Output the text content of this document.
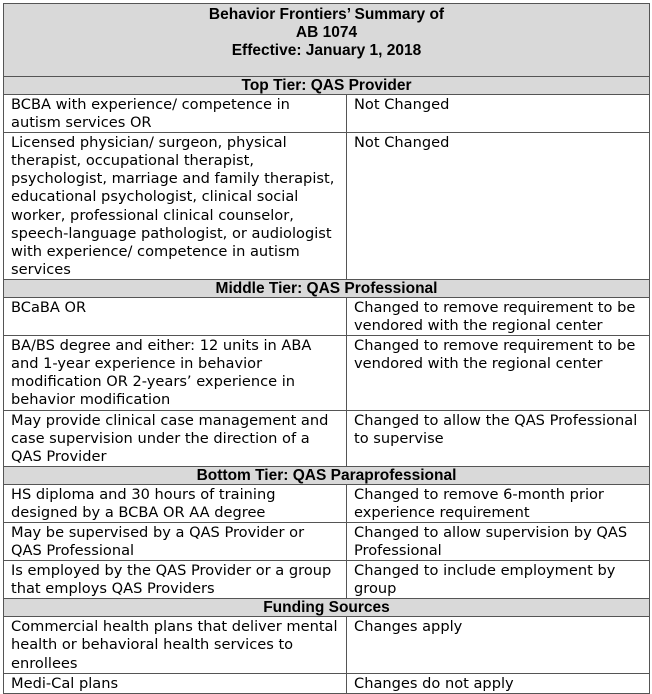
Behavior Frontiers’ Summary of
AB 1074
Effective: January 1, 2018	

Top Tier: QAS Provider	
BCBA with experience/ competence in autism services OR	Not Changed
Licensed physician/ surgeon, physical therapist, occupational therapist, psychologist, marriage and family therapist, educational psychologist, clinical social worker, professional clinical counselor, speech-language pathologist, or audiologist with experience/ competence in autism services	Not Changed
Middle Tier: QAS Professional	
BCaBA OR	Changed to remove requirement to be vendored with the regional center
BA/BS degree and either: 12 units in ABA and 1-year experience in behavior modification OR 2-years’ experience in behavior modification	Changed to remove requirement to be vendored with the regional center
May provide clinical case management and case supervision under the direction of a QAS Provider	Changed to allow the QAS Professional to supervise
Bottom Tier: QAS Paraprofessional	
HS diploma and 30 hours of training designed by a BCBA OR AA degree	Changed to remove 6-month prior experience requirement
May be supervised by a QAS Provider or QAS Professional	Changed to allow supervision by QAS Professional
Is employed by the QAS Provider or a group that employs QAS Providers	Changed to include employment by group
Funding Sources	
Commercial health plans that deliver mental health or behavioral health services to enrollees	Changes apply
Medi-Cal plans	Changes do not apply
